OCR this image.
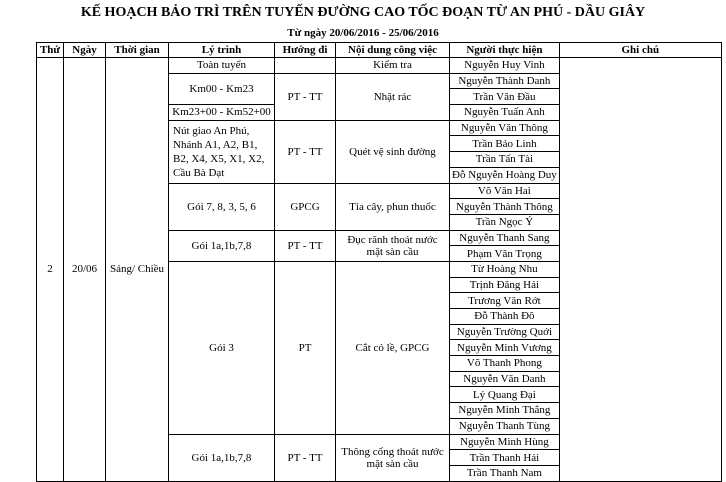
KẾ HOẠCH BẢO TRÌ TRÊN TUYẾN ĐƯỜNG CAO TỐC ĐOẠN TỪ AN PHÚ - DẦU GIÂY
Từ ngày 20/06/2016 - 25/06/2016
Thứ	Ngày	Thời gian	Lý trình	Hướng đi	Nội dung công việc	Người thực hiện	Ghi chú
2	20/06	Sáng/ Chiều	Toàn tuyến		Kiểm tra	Nguyễn Huy Vinh	
			Km00 - Km23	PT - TT	Nhặt rác	Nguyễn Thành Danh	
						Trần Văn Đầu	
			Km23+00 - Km52+00			Nguyễn Tuấn Anh	
			Nút giao An Phú, Nhánh A1, A2, B1, B2, X4, X5, X1, X2, Cầu Bà Dạt	PT - TT	Quét vệ sinh đường	Nguyễn Văn Thông	
						Trần Bảo Linh	
						Trần Tấn Tài	
						Đỗ Nguyễn Hoàng Duy	
			Gói 7, 8, 3, 5, 6	GPCG	Tỉa cây, phun thuốc	Võ Văn Hai	
						Nguyễn Thành Thông	
						Trần Ngọc Ý	
			Gói 1a,1b,7,8	PT - TT	Đục rãnh thoát nước mặt sàn cầu	Nguyễn Thanh Sang	
						Phạm Văn Trọng	
			Gói 3	PT	Cắt cỏ lề, GPCG	Từ Hoàng Nhu	
						Trịnh Đăng Hải	
						Trương Văn Rớt	
						Đỗ Thành Đô	
						Nguyễn Trường Quới	
						Nguyễn Minh Vương	
						Võ Thanh Phong	
						Nguyễn Văn Danh	
						Lý Quang Đại	
						Nguyễn Minh Thắng	
						Nguyễn Thanh Tùng	
			Gói 1a,1b,7,8	PT - TT	Thông cống thoát nước mặt sàn cầu	Nguyễn Minh Hùng	
						Trần Thanh Hải	
						Trần Thanh Nam	
